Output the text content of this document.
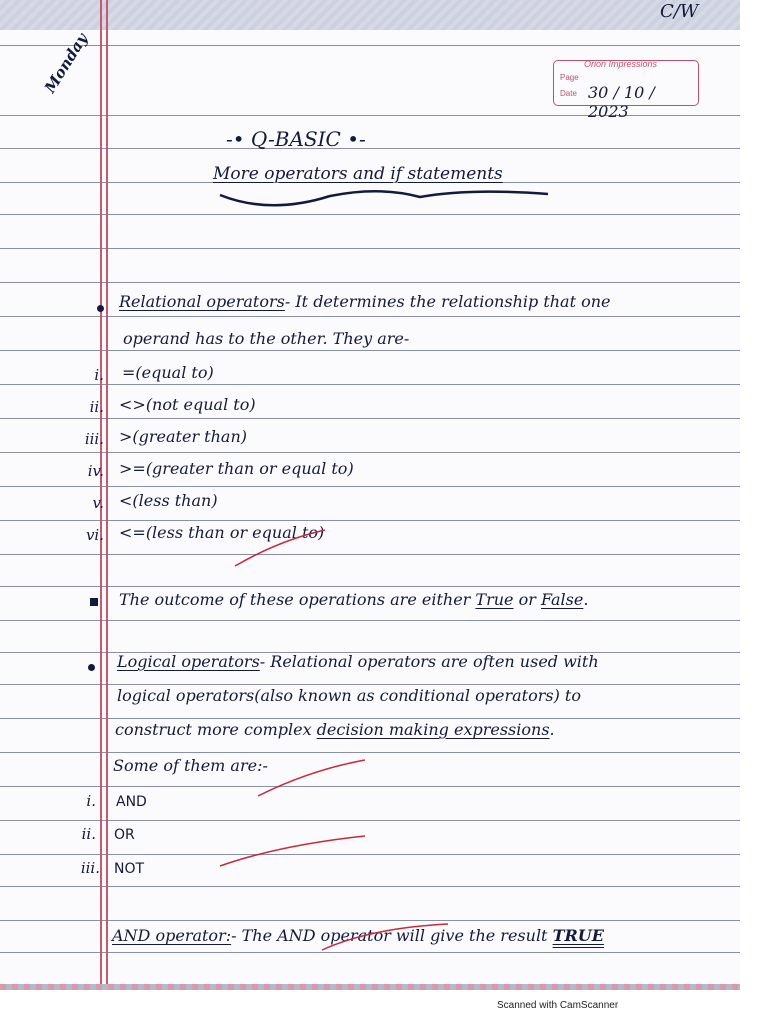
C/W
Monday	Orion Impressions
Page
Date 30 / 10 / 2023
-• Q-BASIC •-
More operators and if statements
Relational operators- It determines the relationship that one
operand has to the other. They are-
i. =(equal to)
ii. <>(not equal to)
iii. >(greater than)
iv. >=(greater than or equal to)
v. <(less than)
vi. <=(less than or equal to)
The outcome of these operations are either True or False.
Logical operators- Relational operators are often used with
logical operators(also known as conditional operators) to
construct more complex decision making expressions.
Some of them are:-
i. AND
ii. OR
iii. NOT
AND operator:- The AND operator will give the result TRUE
Scanned with CamScanner
